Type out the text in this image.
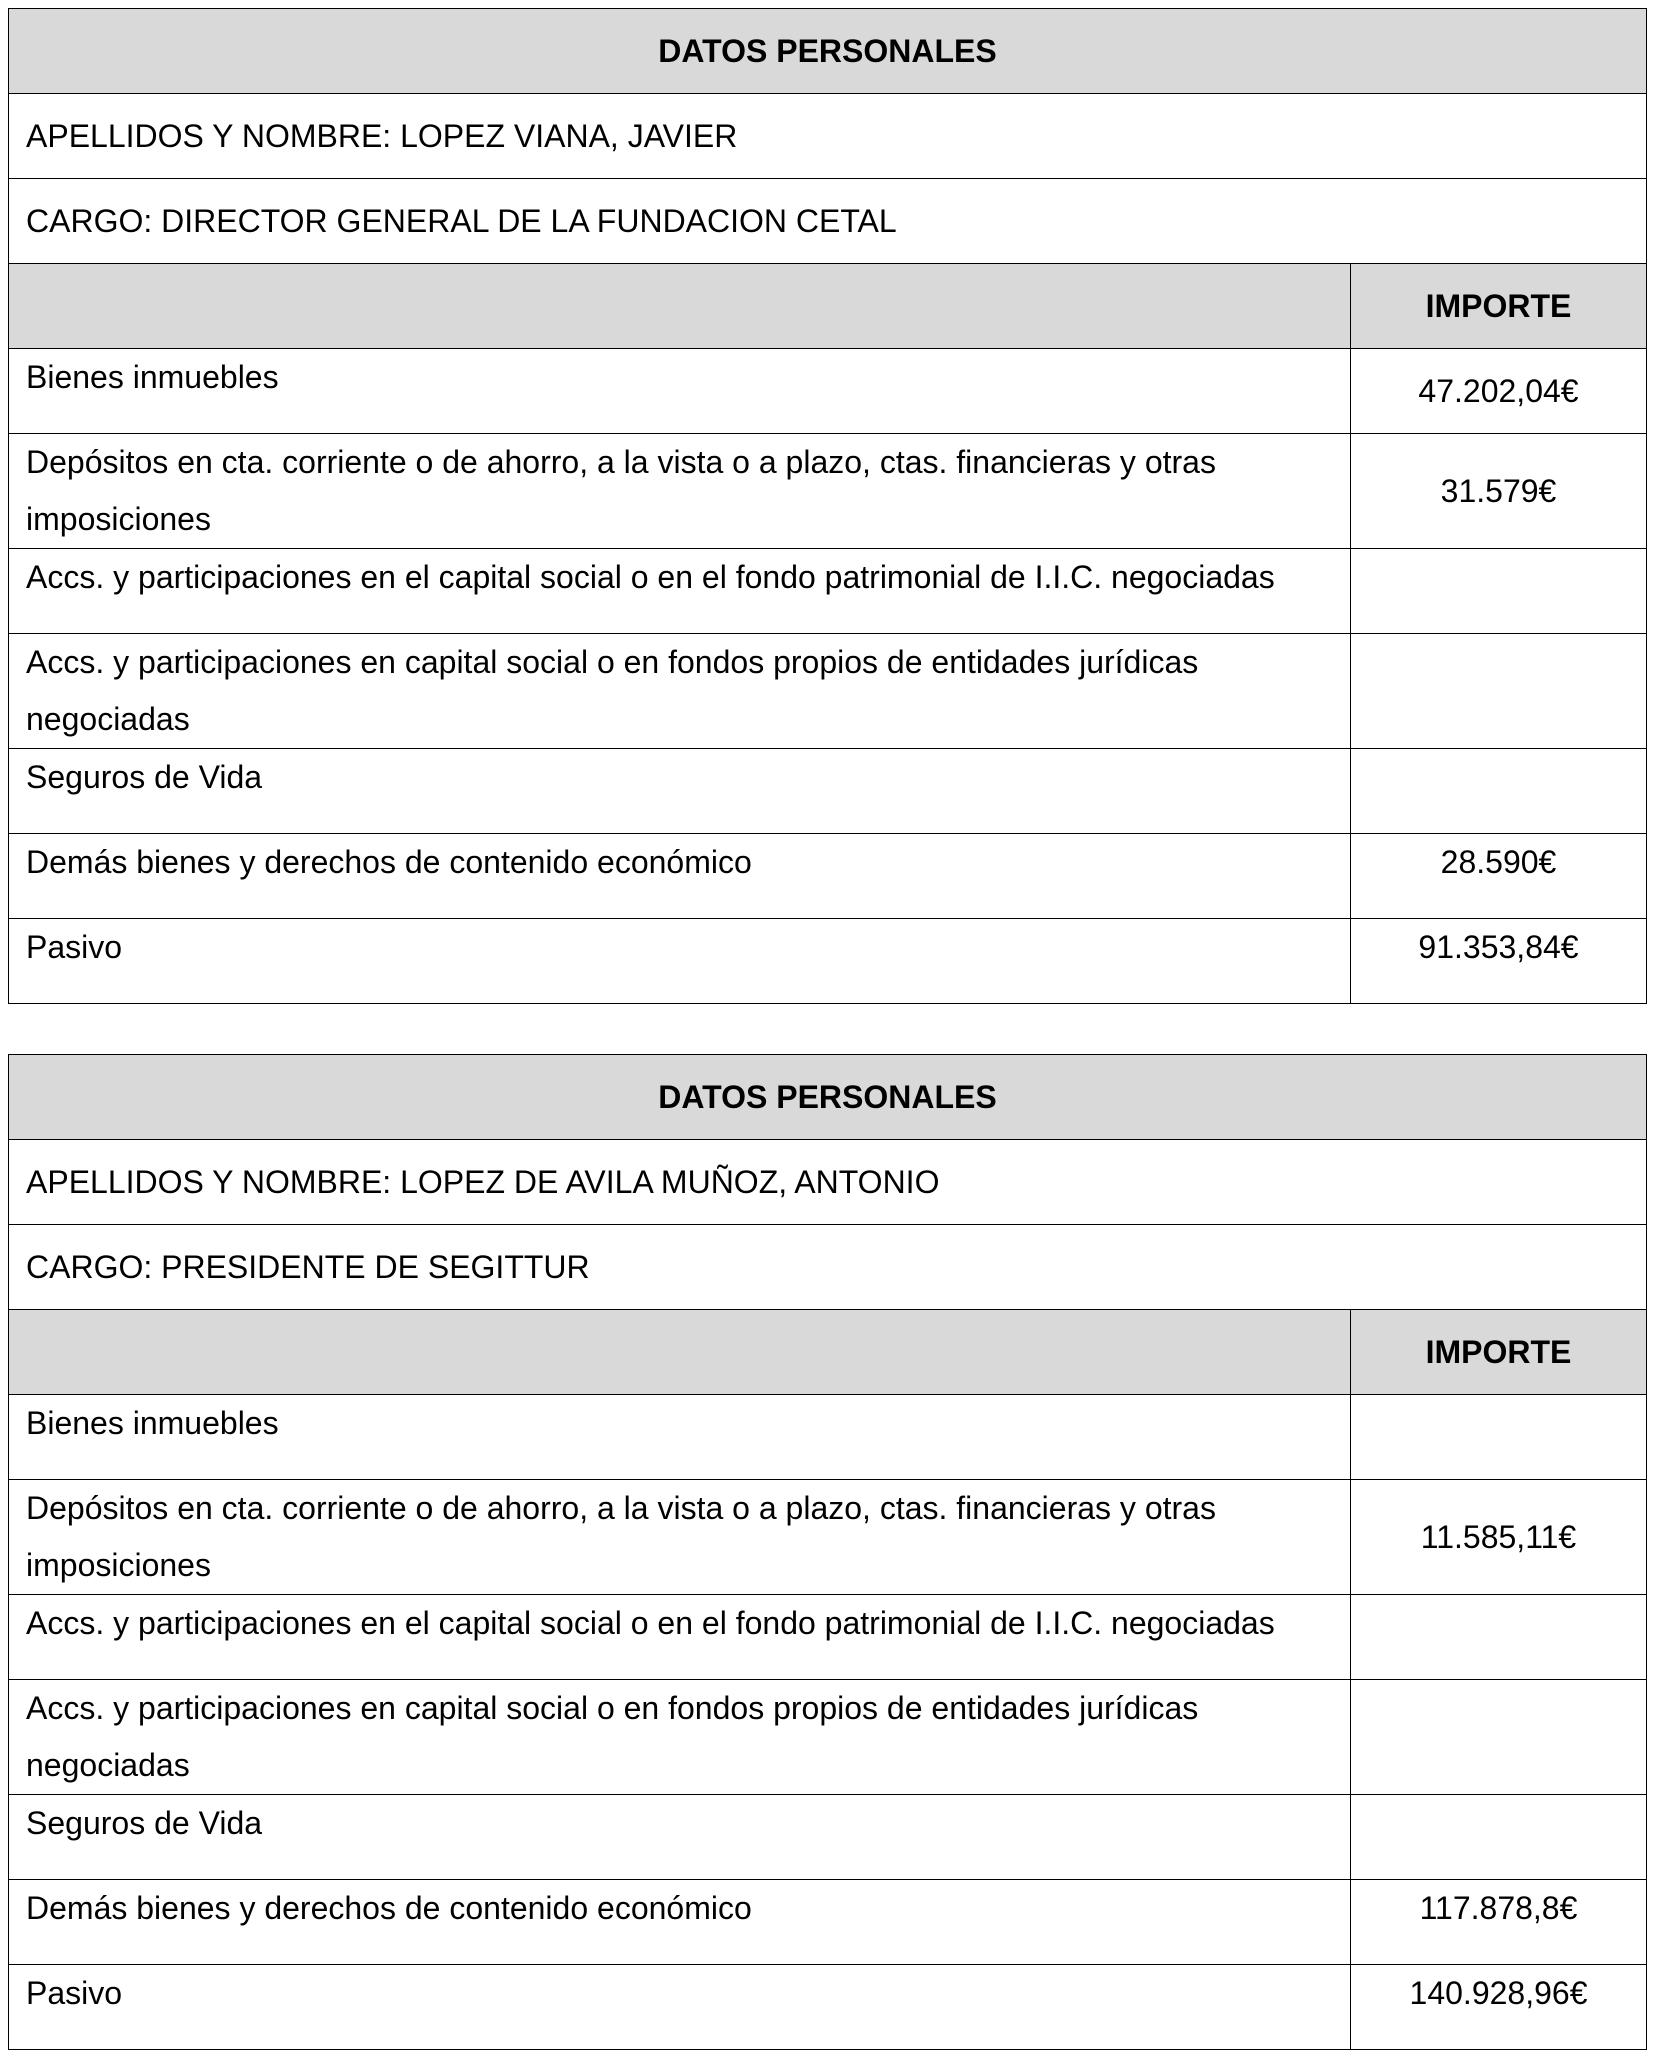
DATOS PERSONALES	
APELLIDOS Y NOMBRE: LOPEZ VIANA, JAVIER	
CARGO: DIRECTOR GENERAL DE LA FUNDACION CETAL	
	IMPORTE
Bienes inmuebles	47.202,04€
Depósitos en cta. corriente o de ahorro, a la vista o a plazo, ctas. financieras y otras imposiciones	31.579€
Accs. y participaciones en el capital social o en el fondo patrimonial de I.I.C. negociadas	
Accs. y participaciones en capital social o en fondos propios de entidades jurídicas negociadas	
Seguros de Vida	
Demás bienes y derechos de contenido económico	28.590€
Pasivo	91.353,84€
DATOS PERSONALES	
APELLIDOS Y NOMBRE: LOPEZ DE AVILA MUÑOZ, ANTONIO	
CARGO: PRESIDENTE DE SEGITTUR	
	IMPORTE
Bienes inmuebles	
Depósitos en cta. corriente o de ahorro, a la vista o a plazo, ctas. financieras y otras imposiciones	11.585,11€
Accs. y participaciones en el capital social o en el fondo patrimonial de I.I.C. negociadas	
Accs. y participaciones en capital social o en fondos propios de entidades jurídicas negociadas	
Seguros de Vida	
Demás bienes y derechos de contenido económico	117.878,8€
Pasivo	140.928,96€
